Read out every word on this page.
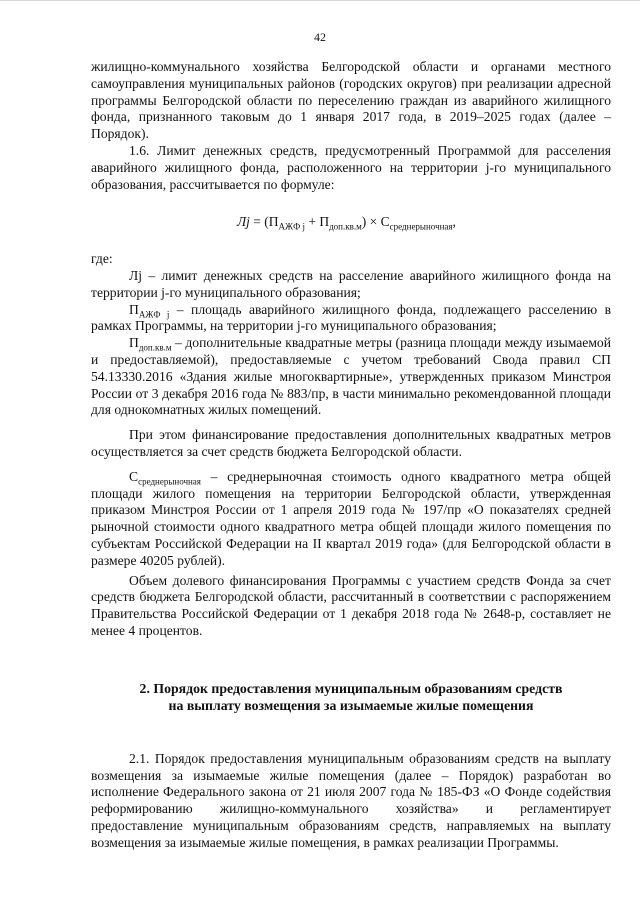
42

жилищно-коммунального хозяйства Белгородской области и органами местного самоуправления муниципальных районов (городских округов) при реализации адресной программы Белгородской области по переселению граждан из аварийного жилищного фонда, признанного таковым до 1 января 2017 года, в 2019–2025 годах (далее – Порядок).

1.6. Лимит денежных средств, предусмотренный Программой для расселения аварийного жилищного фонда, расположенного на территории j-го муниципального образования, рассчитывается по формуле:

Лj = $(П_{АЖФ j} + П_{доп.кв.м}) \times С_{среднерыночная}$,

где:

Лj – лимит денежных средств на расселение аварийного жилищного фонда на территории j-го муниципального образования;

$П_{АЖФ j}$ – площадь аварийного жилищного фонда, подлежащего расселению в рамках Программы, на территории j-го муниципального образования;

$П_{доп.кв.м}$ – дополнительные квадратные метры (разница площади между изымаемой и предоставляемой), предоставляемые с учетом требований Свода правил СП 54.13330.2016 «Здания жилые многоквартирные», утвержденных приказом Минстроя России от 3 декабря 2016 года № 883/пр, в части минимально рекомендованной площади для однокомнатных жилых помещений.

При этом финансирование предоставления дополнительных квадратных метров осуществляется за счет средств бюджета Белгородской области.

$С_{среднерыночная}$ – среднерыночная стоимость одного квадратного метра общей площади жилого помещения на территории Белгородской области, утвержденная приказом Минстроя России от 1 апреля 2019 года № 197/пр «О показателях средней рыночной стоимости одного квадратного метра общей площади жилого помещения по субъектам Российской Федерации на II квартал 2019 года» (для Белгородской области в размере 40205 рублей).

Объем долевого финансирования Программы с участием средств Фонда за счет средств бюджета Белгородской области, рассчитанный в соответствии с распоряжением Правительства Российской Федерации от 1 декабря 2018 года № 2648-р, составляет не менее 4 процентов.

2. Порядок предоставления муниципальным образованиям средств
на выплату возмещения за изымаемые жилые помещения

2.1. Порядок предоставления муниципальным образованиям средств на выплату возмещения за изымаемые жилые помещения (далее – Порядок) разработан во исполнение Федерального закона от 21 июля 2007 года № 185-ФЗ «О Фонде содействия реформированию жилищно-коммунального хозяйства» и регламентирует предоставление муниципальным образованиям средств, направляемых на выплату возмещения за изымаемые жилые помещения, в рамках реализации Программы.
